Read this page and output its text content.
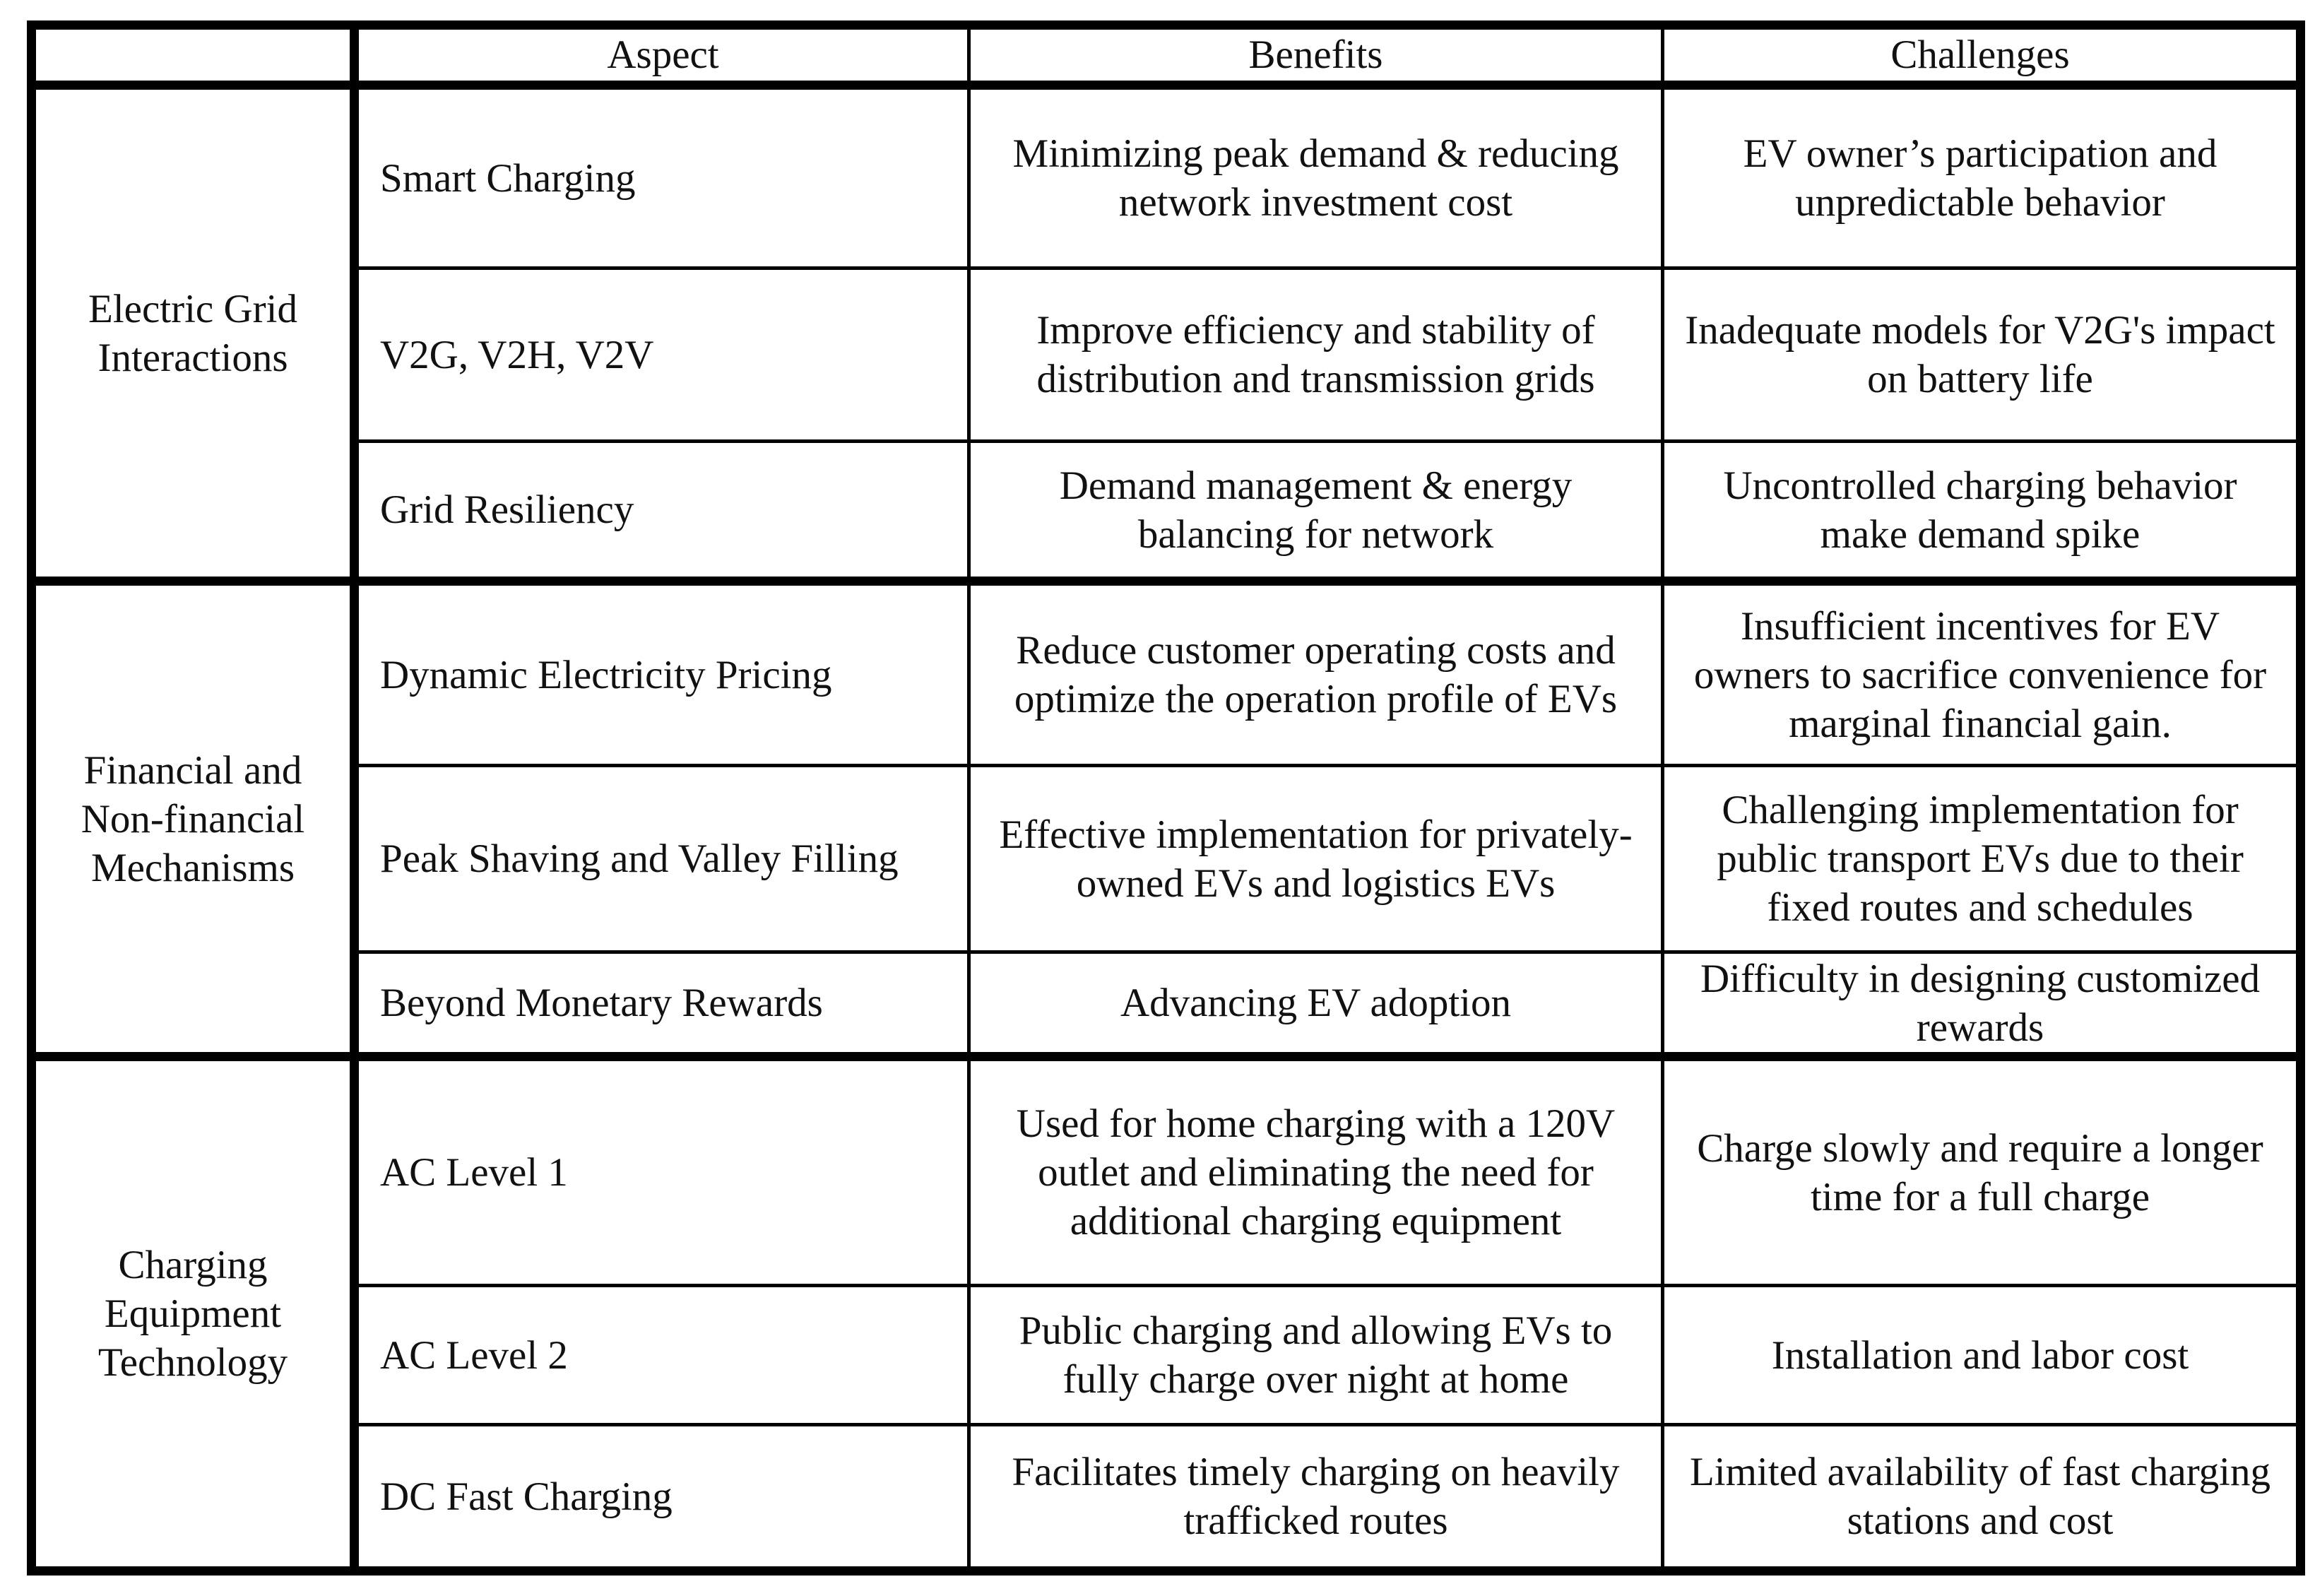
	Aspect	Benefits	Challenges
Electric Grid Interactions	Smart Charging	Minimizing peak demand & reducing network investment cost	EV owner’s participation and unpredictable behavior
	V2G, V2H, V2V	Improve efficiency and stability of distribution and transmission grids	Inadequate models for V2G's impact on battery life
	Grid Resiliency	Demand management & energy balancing for network	Uncontrolled charging behavior make demand spike
Financial and Non-financial Mechanisms	Dynamic Electricity Pricing	Reduce customer operating costs and optimize the operation profile of EVs	Insufficient incentives for EV owners to sacrifice convenience for marginal financial gain.
	Peak Shaving and Valley Filling	Effective implementation for privately-owned EVs and logistics EVs	Challenging implementation for public transport EVs due to their fixed routes and schedules
	Beyond Monetary Rewards	Advancing EV adoption	Difficulty in designing customized rewards
Charging Equipment Technology	AC Level 1	Used for home charging with a 120V outlet and eliminating the need for additional charging equipment	Charge slowly and require a longer time for a full charge
	AC Level 2	Public charging and allowing EVs to fully charge over night at home	Installation and labor cost
	DC Fast Charging	Facilitates timely charging on heavily trafficked routes	Limited availability of fast charging stations and cost
